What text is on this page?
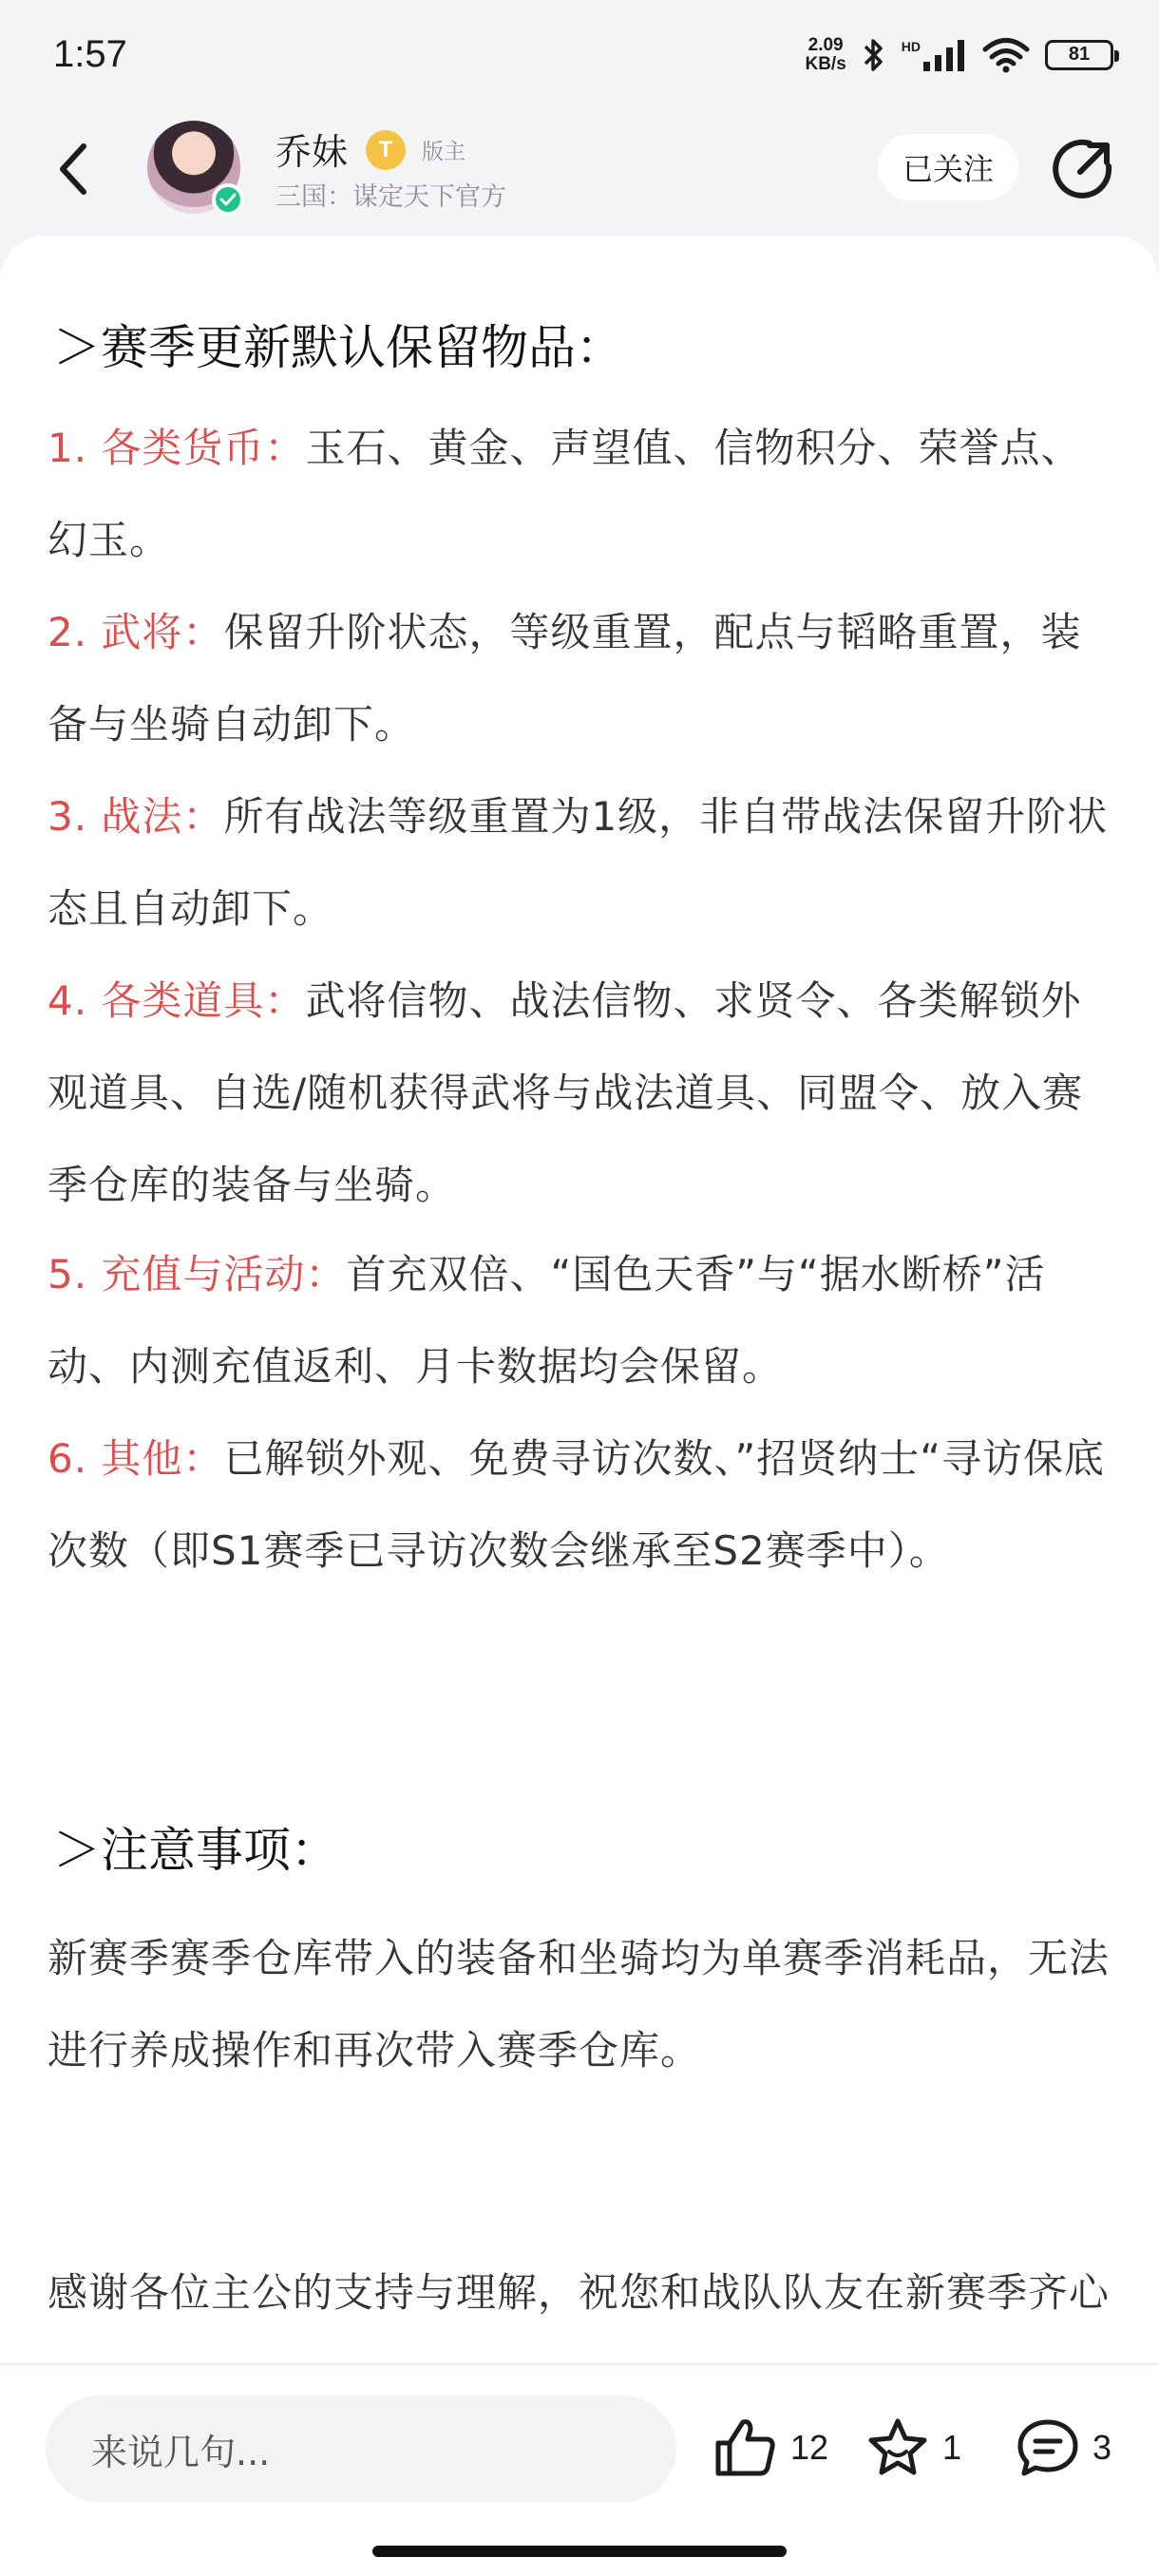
1:57	2.09
KB/s
HD	81
乔妹	T	版主
三国：谋定天下官方
已关注
＞赛季更新默认保留物品：
1. 各类货币：玉石、黄金、声望值、信物积分、荣誉点、幻玉。
2. 武将：保留升阶状态，等级重置，配点与韬略重置，装备与坐骑自动卸下。
3. 战法：所有战法等级重置为1级，非自带战法保留升阶状态且自动卸下。
4. 各类道具：武将信物、战法信物、求贤令、各类解锁外观道具、自选/随机获得武将与战法道具、同盟令、放入赛季仓库的装备与坐骑。
5. 充值与活动：首充双倍、“国色天香”与“据水断桥”活动、内测充值返利、月卡数据均会保留。
6. 其他：已解锁外观、免费寻访次数、”招贤纳士“寻访保底次数（即S1赛季已寻访次数会继承至S2赛季中）。
＞注意事项：
新赛季赛季仓库带入的装备和坐骑均为单赛季消耗品，无法进行养成操作和再次带入赛季仓库。
感谢各位主公的支持与理解，祝您和战队队友在新赛季齐心
来说几句...	12	1	3
